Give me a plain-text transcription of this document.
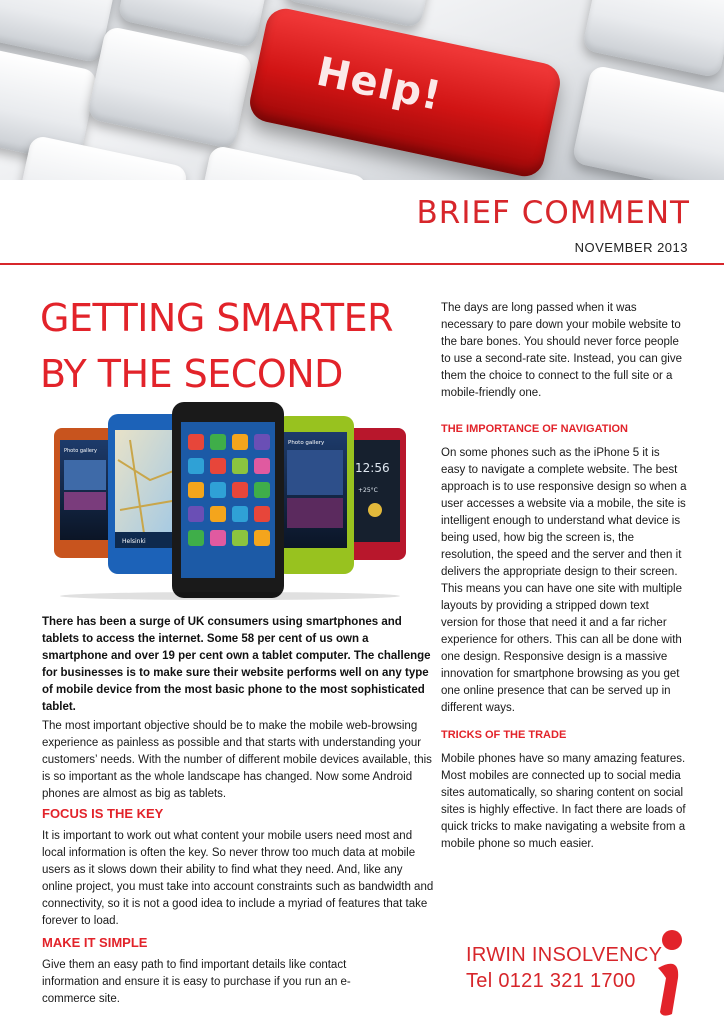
Help!
BRIEF COMMENT
NOVEMBER 2013
GETTING SMARTER
BY THE SECOND
Photo gallery
12:56
+25°C
Helsinki
Photo gallery

There has been a surge of UK consumers using smartphones and tablets to access the internet. Some 58 per cent of us own a smartphone and over 19 per cent own a tablet computer. The challenge for businesses is to make sure their website performs well on any type of mobile device from the most basic phone to the most sophisticated tablet.

The most important objective should be to make the mobile web-browsing experience as painless as possible and that starts with understanding your customers’ needs. With the number of different mobile devices available, this is so important as the whole landscape has changed. Now some Android phones are almost as big as tablets.

FOCUS IS THE KEY

It is important to work out what content your mobile users need most and local information is often the key. So never throw too much data at mobile users as it slows down their ability to find what they need. And, like any online project, you must take into account constraints such as bandwidth and connectivity, so it is not a good idea to include a myriad of features that take forever to load.

MAKE IT SIMPLE

Give them an easy path to find important details like contact information and ensure it is easy to purchase if you run an e-commerce site.

The days are long passed when it was necessary to pare down your mobile website to the bare bones. You should never force people to use a second-rate site. Instead, you can give them the choice to connect to the full site or a mobile-friendly one.

THE IMPORTANCE OF NAVIGATION

On some phones such as the iPhone 5 it is easy to navigate a complete website. The best approach is to use responsive design so when a user accesses a website via a mobile, the site is intelligent enough to understand what device is being used, how big the screen is, the resolution, the speed and the server and then it delivers the appropriate design to their screen. This means you can have one site with multiple layouts by providing a stripped down text version for those that need it and a far richer experience for others. This can all be done with one design. Responsive design is a massive innovation for smartphone browsing as you get one online presence that can be served up in different ways.

TRICKS OF THE TRADE

Mobile phones have so many amazing features. Most mobiles are connected up to social media sites automatically, so sharing content on social sites is highly effective. In fact there are loads of quick tricks to make navigating a website from a mobile phone so much easier.

IRWIN INSOLVENCY
Tel 0121 321 1700
